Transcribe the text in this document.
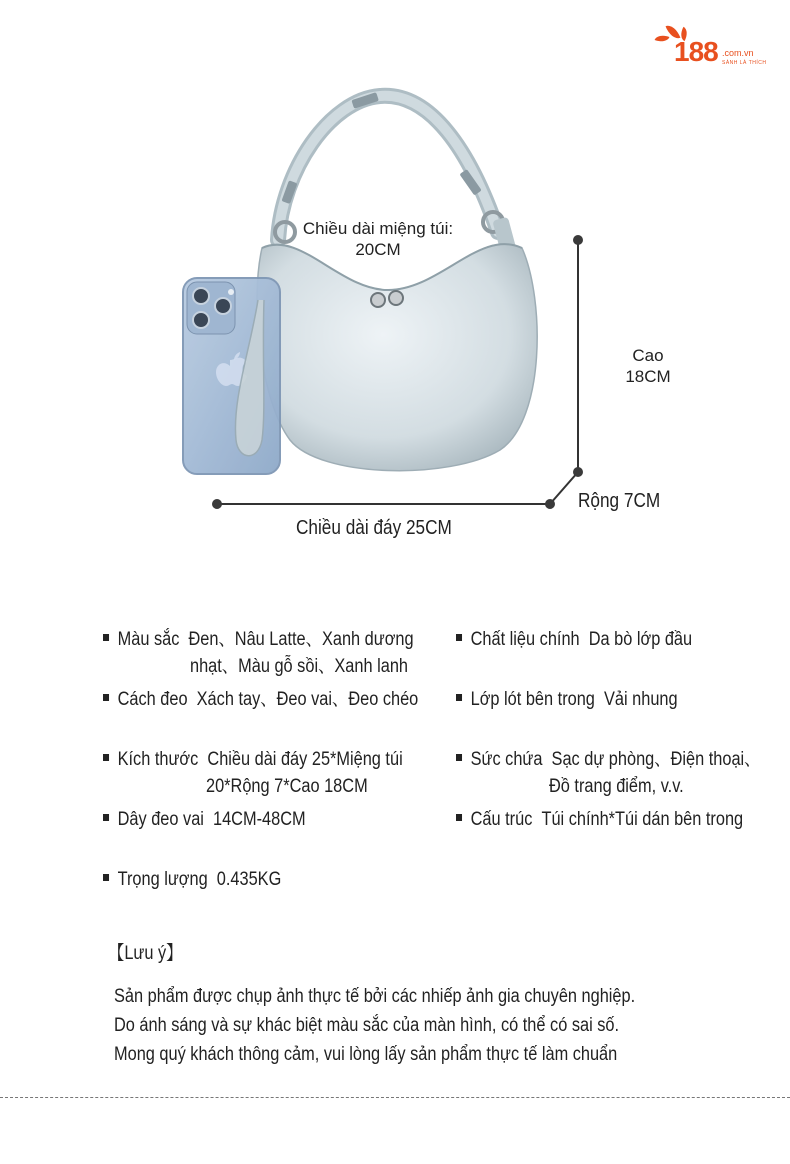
188 .com.vn
SÀNH LÀ THÍCH
Chiều dài miệng túi:
20CM
Cao
18CM
Rộng 7CM
Chiều dài đáy 25CM
Màu sắc Đen、Nâu Latte、Xanh dương
nhạt、Màu gỗ sồi、Xanh lanh
Cách đeo Xách tay、Đeo vai、Đeo chéo
Kích thước Chiều dài đáy 25*Miệng túi
20*Rộng 7*Cao 18CM
Dây đeo vai 14CM-48CM
Trọng lượng 0.435KG
Chất liệu chính Da bò lớp đầu
Lớp lót bên trong Vải nhung
Sức chứa Sạc dự phòng、Điện thoại、
Đồ trang điểm, v.v.
Cấu trúc Túi chính*Túi dán bên trong
【Lưu ý】
Sản phẩm được chụp ảnh thực tế bởi các nhiếp ảnh gia chuyên nghiệp.
Do ánh sáng và sự khác biệt màu sắc của màn hình, có thể có sai số.
Mong quý khách thông cảm, vui lòng lấy sản phẩm thực tế làm chuẩn
